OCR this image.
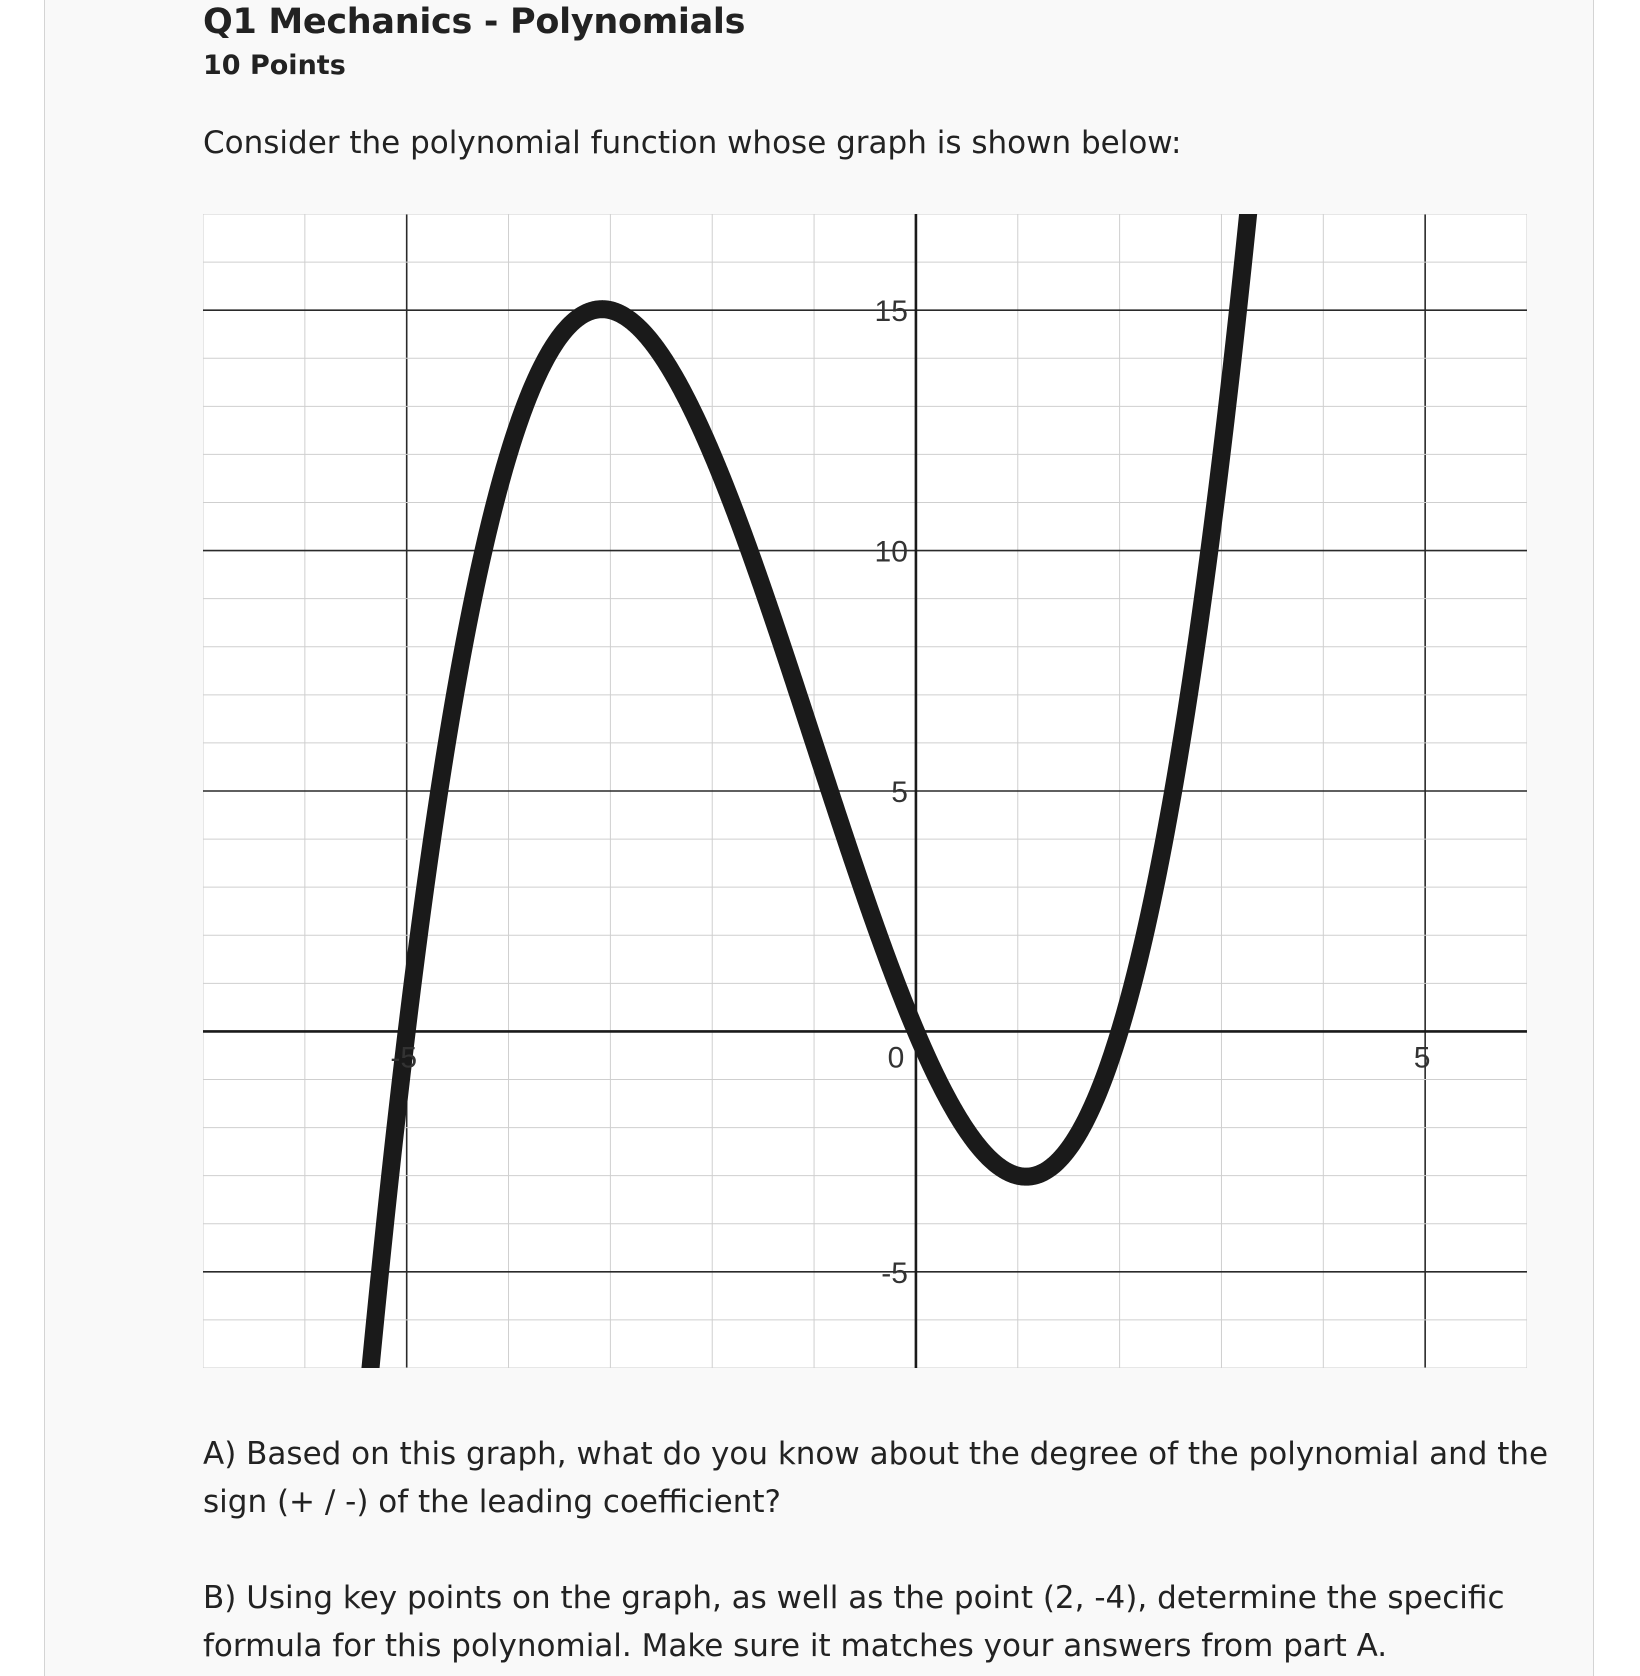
Q1 Mechanics - Polynomials
10 Points
Consider the polynomial function whose graph is shown below:
-5	0	5
-5
5
10
15
A) Based on this graph, what do you know about the degree of the polynomial and the
sign (+ / -) of the leading coefficient?
B) Using key points on the graph, as well as the point (2, -4), determine the specific
formula for this polynomial. Make sure it matches your answers from part A.
